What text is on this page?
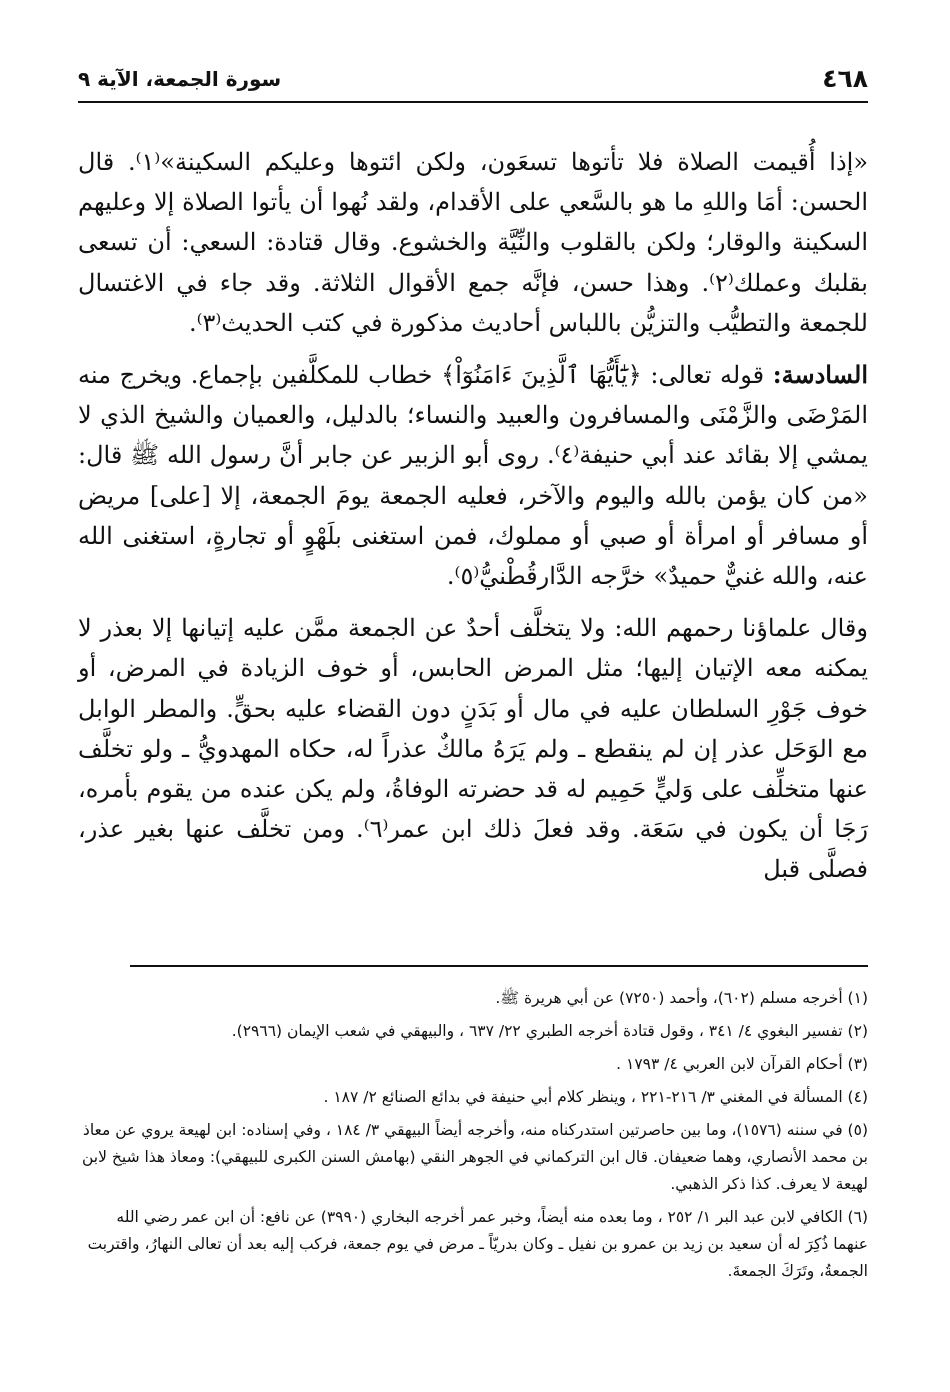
٤٦٨
سورة الجمعة، الآية ٩

«إذا أُقيمت الصلاة فلا تأتوها تسعَون، ولكن ائتوها وعليكم السكينة»⁽١⁾. قال الحسن: أمَا واللهِ ما هو بالسَّعي على الأقدام، ولقد نُهوا أن يأتوا الصلاة إلا وعليهم السكينة والوقار؛ ولكن بالقلوب والنِّيَّة والخشوع. وقال قتادة: السعي: أن تسعى بقلبك وعملك⁽٢⁾. وهذا حسن، فإنَّه جمع الأقوال الثلاثة. وقد جاء في الاغتسال للجمعة والتطيُّب والتزيُّن باللباس أحاديث مذكورة في كتب الحديث⁽٣⁾.

السادسة: قوله تعالى: ﴿يَٰٓأَيُّهَا ٱلَّذِينَ ءَامَنُوٓاْ﴾ خطاب للمكلَّفين بإجماع. ويخرج منه المَرْضَى والزَّمْنَى والمسافرون والعبيد والنساء؛ بالدليل، والعميان والشيخ الذي لا يمشي إلا بقائد عند أبي حنيفة⁽٤⁾. روى أبو الزبير عن جابر أنَّ رسول الله ﷺ قال: «من كان يؤمن بالله واليوم والآخر، فعليه الجمعة يومَ الجمعة، إلا [على] مريض أو مسافر أو امرأة أو صبي أو مملوك، فمن استغنى بلَهْوٍ أو تجارةٍ، استغنى الله عنه، والله غنيٌّ حميدٌ» خرَّجه الدَّارقُطْنيُّ⁽٥⁾.

وقال علماؤنا رحمهم الله: ولا يتخلَّف أحدٌ عن الجمعة ممَّن عليه إتيانها إلا بعذر لا يمكنه معه الإتيان إليها؛ مثل المرض الحابس، أو خوف الزيادة في المرض، أو خوف جَوْرِ السلطان عليه في مال أو بَدَنٍ دون القضاء عليه بحقٍّ. والمطر الوابل مع الوَحَل عذر إن لم ينقطع ـ ولم يَرَهُ مالكٌ عذراً له، حكاه المهدويُّ ـ ولو تخلَّف عنها متخلِّف على وَليٍّ حَمِيم له قد حضرته الوفاةُ، ولم يكن عنده من يقوم بأمره، رَجَا أن يكون في سَعَة. وقد فعلَ ذلك ابن عمر⁽٦⁾. ومن تخلَّف عنها بغير عذر، فصلَّى قبل

(١) أخرجه مسلم (٦٠٢)، وأحمد (٧٢٥٠) عن أبي هريرة ﷺ.

(٢) تفسير البغوي ٤/ ٣٤١ ، وقول قتادة أخرجه الطبري ٢٢/ ٦٣٧ ، والبيهقي في شعب الإيمان (٢٩٦٦).

(٣) أحكام القرآن لابن العربي ٤/ ١٧٩٣ .

(٤) المسألة في المغني ٣/ ٢١٦-٢٢١ ، وينظر كلام أبي حنيفة في بدائع الصنائع ٢/ ١٨٧ .

(٥) في سننه (١٥٧٦)، وما بين حاصرتين استدركناه منه، وأخرجه أيضاً البيهقي ٣/ ١٨٤ ، وفي إسناده: ابن لهيعة يروي عن معاذ بن محمد الأنصاري، وهما ضعيفان. قال ابن التركماني في الجوهر النقي (بهامش السنن الكبرى للبيهقي): ومعاذ هذا شيخ لابن لهيعة لا يعرف. كذا ذكر الذهبي.

(٦) الكافي لابن عبد البر ١/ ٢٥٢ ، وما بعده منه أيضاً، وخبر عمر أخرجه البخاري (٣٩٩٠) عن نافع: أن ابن عمر رضي الله عنهما ذُكِرَ له أن سعيد بن زيد بن عمرو بن نفيل ـ وكان بدريّاً ـ مرض في يوم جمعة، فركب إليه بعد أن تعالى النهارُ، واقتربت الجمعةُ، وتَرَكَ الجمعةَ.
